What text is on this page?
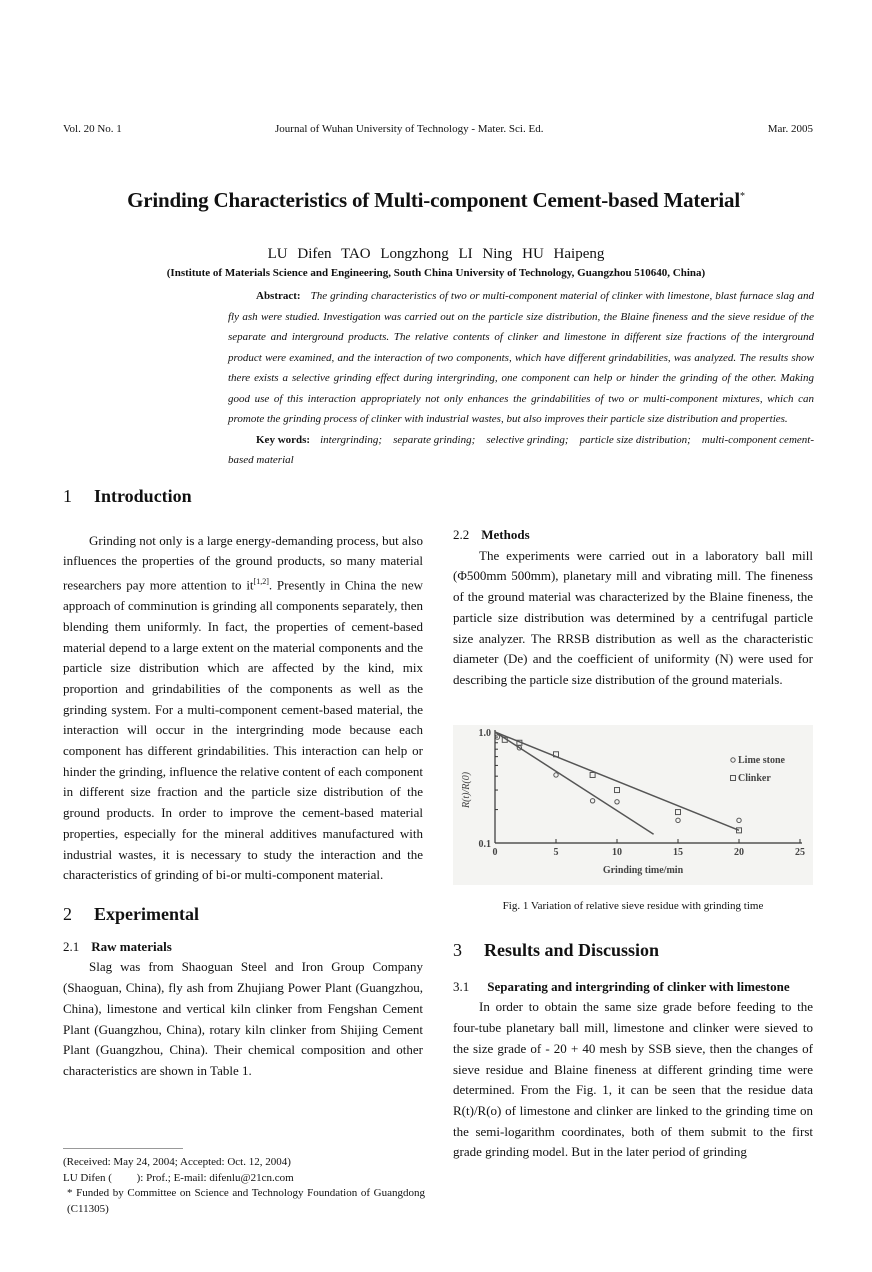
Vol. 20 No. 1	Journal of Wuhan University of Technology - Mater. Sci. Ed.	Mar. 2005
Grinding Characteristics of Multi-component Cement-based Material*
LU Difen TAO Longzhong LI Ning HU Haipeng
(Institute of Materials Science and Engineering, South China University of Technology, Guangzhou 510640, China)
Abstract: The grinding characteristics of two or multi-component material of clinker with limestone, blast furnace slag and fly ash were studied. Investigation was carried out on the particle size distribution, the Blaine fineness and the sieve residue of the separate and interground products. The relative contents of clinker and limestone in different size fractions of the interground product were examined, and the interaction of two components, which have different grindabilities, was analyzed. The results show there exists a selective grinding effect during intergrinding, one component can help or hinder the grinding of the other. Making good use of this interaction appropriately not only enhances the grindabilities of two or multi-component mixtures, which can promote the grinding process of clinker with industrial wastes, but also improves their particle size distribution and properties.
Key words: intergrinding;    separate grinding;    selective grinding;    particle size distribution;    multi-component cement-based material
1 Introduction

Grinding not only is a large energy-demanding process, but also influences the properties of the ground products, so many material researchers pay more attention to it[1,2]. Presently in China the new approach of comminution is grinding all components separately, then blending them uniformly. In fact, the properties of cement-based material depend to a large extent on the material components and the particle size distribution which are affected by the kind, mix proportion and grindabilities of the components as well as the grinding system. For a multi-component cement-based material, the interaction will occur in the intergrinding mode because each component has different grindabilities. This interaction can help or hinder the grinding, influence the relative content of each component in different size fraction and the particle size distribution of the ground products. In order to improve the cement-based material properties, especially for the mineral additives manufactured with industrial wastes, it is necessary to study the interaction and the characteristics of grinding of bi-or multi-component material.

2 Experimental
2.1 Raw materials

Slag was from Shaoguan Steel and Iron Group Company (Shaoguan, China), fly ash from Zhujiang Power Plant (Guangzhou, China), limestone and vertical kiln clinker from Fengshan Cement Plant (Guangzhou, China), rotary kiln clinker from Shijing Cement Plant (Guangzhou, China). Their chemical composition and other characteristics are shown in Table 1.

(Received: May 24, 2004; Accepted: Oct. 12, 2004)
LU Difen (         ): Prof.; E-mail: difenlu@21cn.com
* Funded by Committee on Science and Technology Foundation of Guangdong (C11305)
2.2 Methods

The experiments were carried out in a laboratory ball mill (Φ500mm 500mm), planetary mill and vibrating mill. The fineness of the ground material was characterized by the Blaine fineness, the particle size distribution was determined by a centrifugal particle size analyzer. The RRSB distribution as well as the characteristic diameter (De) and the coefficient of uniformity (N) were used for describing the particle size distribution of the ground materials.

0	5	10	15	20	25
0.1
1.0
Grinding time/min
R(t)/R(0)
Lime stone
Clinker
Fig. 1 Variation of relative sieve residue with grinding time
3 Results and Discussion
3.1 Separating and intergrinding of clinker with limestone

In order to obtain the same size grade before feeding to the four-tube planetary ball mill, limestone and clinker were sieved to the size grade of - 20 + 40 mesh by SSB sieve, then the changes of sieve residue and Blaine fineness at different grinding time were determined. From the Fig. 1, it can be seen that the residue data R(t)/R(o) of limestone and clinker are linked to the grinding time on the semi-logarithm coordinates, both of them submit to the first grade grinding model. But in the later period of grinding
